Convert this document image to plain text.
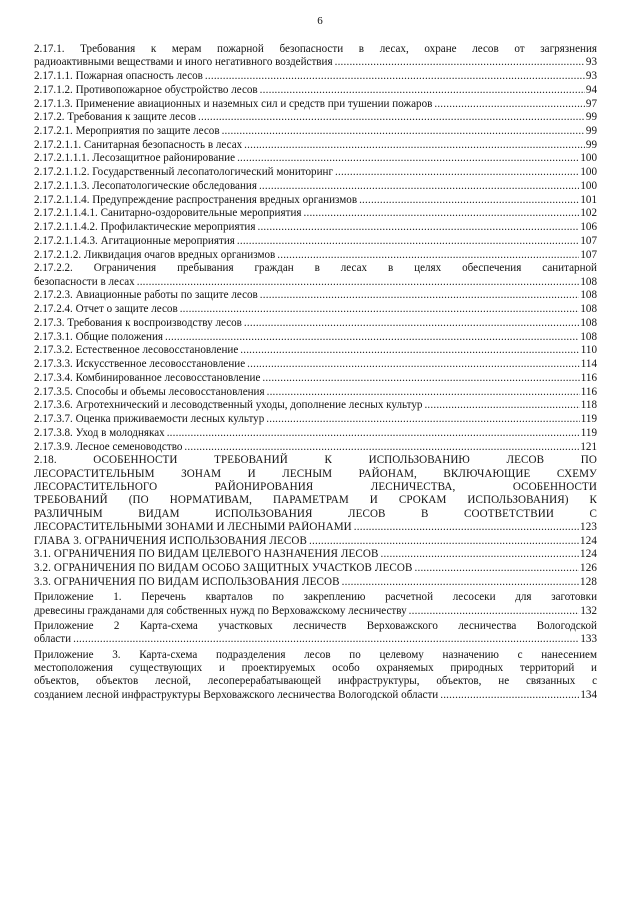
6
2.17.1. Требования к мерам пожарной безопасности в лесах, охране лесов от загрязнения
радиоактивными веществами и иного негативного воздействия .....	93
2.17.1.1. Пожарная опасность лесов .....	93
2.17.1.2. Противопожарное обустройство лесов .....	94
2.17.1.3. Применение авиационных и наземных сил и средств при тушении пожаров .....	97
2.17.2. Требования к защите лесов .....	99
2.17.2.1. Мероприятия по защите лесов .....	99
2.17.2.1.1. Санитарная безопасность в лесах .....	99
2.17.2.1.1.1. Лесозащитное районирование .....	100
2.17.2.1.1.2. Государственный лесопатологический мониторинг .....	100
2.17.2.1.1.3. Лесопатологические обследования .....	100
2.17.2.1.1.4. Предупреждение распространения вредных организмов .....	101
2.17.2.1.1.4.1. Санитарно-оздоровительные мероприятия .....	102
2.17.2.1.1.4.2. Профилактические мероприятия .....	106
2.17.2.1.1.4.3. Агитационные мероприятия .....	107
2.17.2.1.2. Ликвидация очагов вредных организмов .....	107
2.17.2.2. Ограничения пребывания граждан в лесах в целях обеспечения санитарной
безопасности в лесах .....	108
2.17.2.3. Авиационные работы по защите лесов .....	108
2.17.2.4. Отчет о защите лесов .....	108
2.17.3. Требования к воспроизводству лесов .....	108
2.17.3.1. Общие положения .....	108
2.17.3.2. Естественное лесовосстановление .....	110
2.17.3.3. Искусственное лесовосстановление .....	114
2.17.3.4. Комбинированное лесовосстановление .....	116
2.17.3.5. Способы и объемы лесовосстановления .....	116
2.17.3.6. Агротехнический и лесоводственный уходы, дополнение лесных культур .....	118
2.17.3.7. Оценка приживаемости лесных культур .....	119
2.17.3.8. Уход в молодняках .....	119
2.17.3.9. Лесное семеноводство .....	121
2.18. ОСОБЕННОСТИ ТРЕБОВАНИЙ К ИСПОЛЬЗОВАНИЮ ЛЕСОВ ПО
ЛЕСОРАСТИТЕЛЬНЫМ ЗОНАМ И ЛЕСНЫМ РАЙОНАМ, ВКЛЮЧАЮЩИЕ СХЕМУ
ЛЕСОРАСТИТЕЛЬНОГО РАЙОНИРОВАНИЯ ЛЕСНИЧЕСТВА, ОСОБЕННОСТИ
ТРЕБОВАНИЙ (ПО НОРМАТИВАМ, ПАРАМЕТРАМ И СРОКАМ ИСПОЛЬЗОВАНИЯ) К
РАЗЛИЧНЫМ ВИДАМ ИСПОЛЬЗОВАНИЯ ЛЕСОВ В СООТВЕТСТВИИ С
ЛЕСОРАСТИТЕЛЬНЫМИ ЗОНАМИ И ЛЕСНЫМИ РАЙОНАМИ .....	123
ГЛАВА 3. ОГРАНИЧЕНИЯ ИСПОЛЬЗОВАНИЯ ЛЕСОВ .....	124
3.1. ОГРАНИЧЕНИЯ ПО ВИДАМ ЦЕЛЕВОГО НАЗНАЧЕНИЯ ЛЕСОВ .....	124
3.2. ОГРАНИЧЕНИЯ ПО ВИДАМ ОСОБО ЗАЩИТНЫХ УЧАСТКОВ ЛЕСОВ .....	126
3.3. ОГРАНИЧЕНИЯ ПО ВИДАМ ИСПОЛЬЗОВАНИЯ ЛЕСОВ .....	128
Приложение 1. Перечень кварталов по закреплению расчетной лесосеки для заготовки
древесины гражданами для собственных нужд по Верховажскому лесничеству .....	132
Приложение 2 Карта-схема участковых лесничеств Верховажского лесничества Вологодской
области .....	133
Приложение 3. Карта-схема подразделения лесов по целевому назначению с нанесением
местоположения существующих и проектируемых особо охраняемых природных территорий и
объектов, объектов лесной, лесоперерабатывающей инфраструктуры, объектов, не связанных с
созданием лесной инфраструктуры Верховажского лесничества Вологодской области .....	134
